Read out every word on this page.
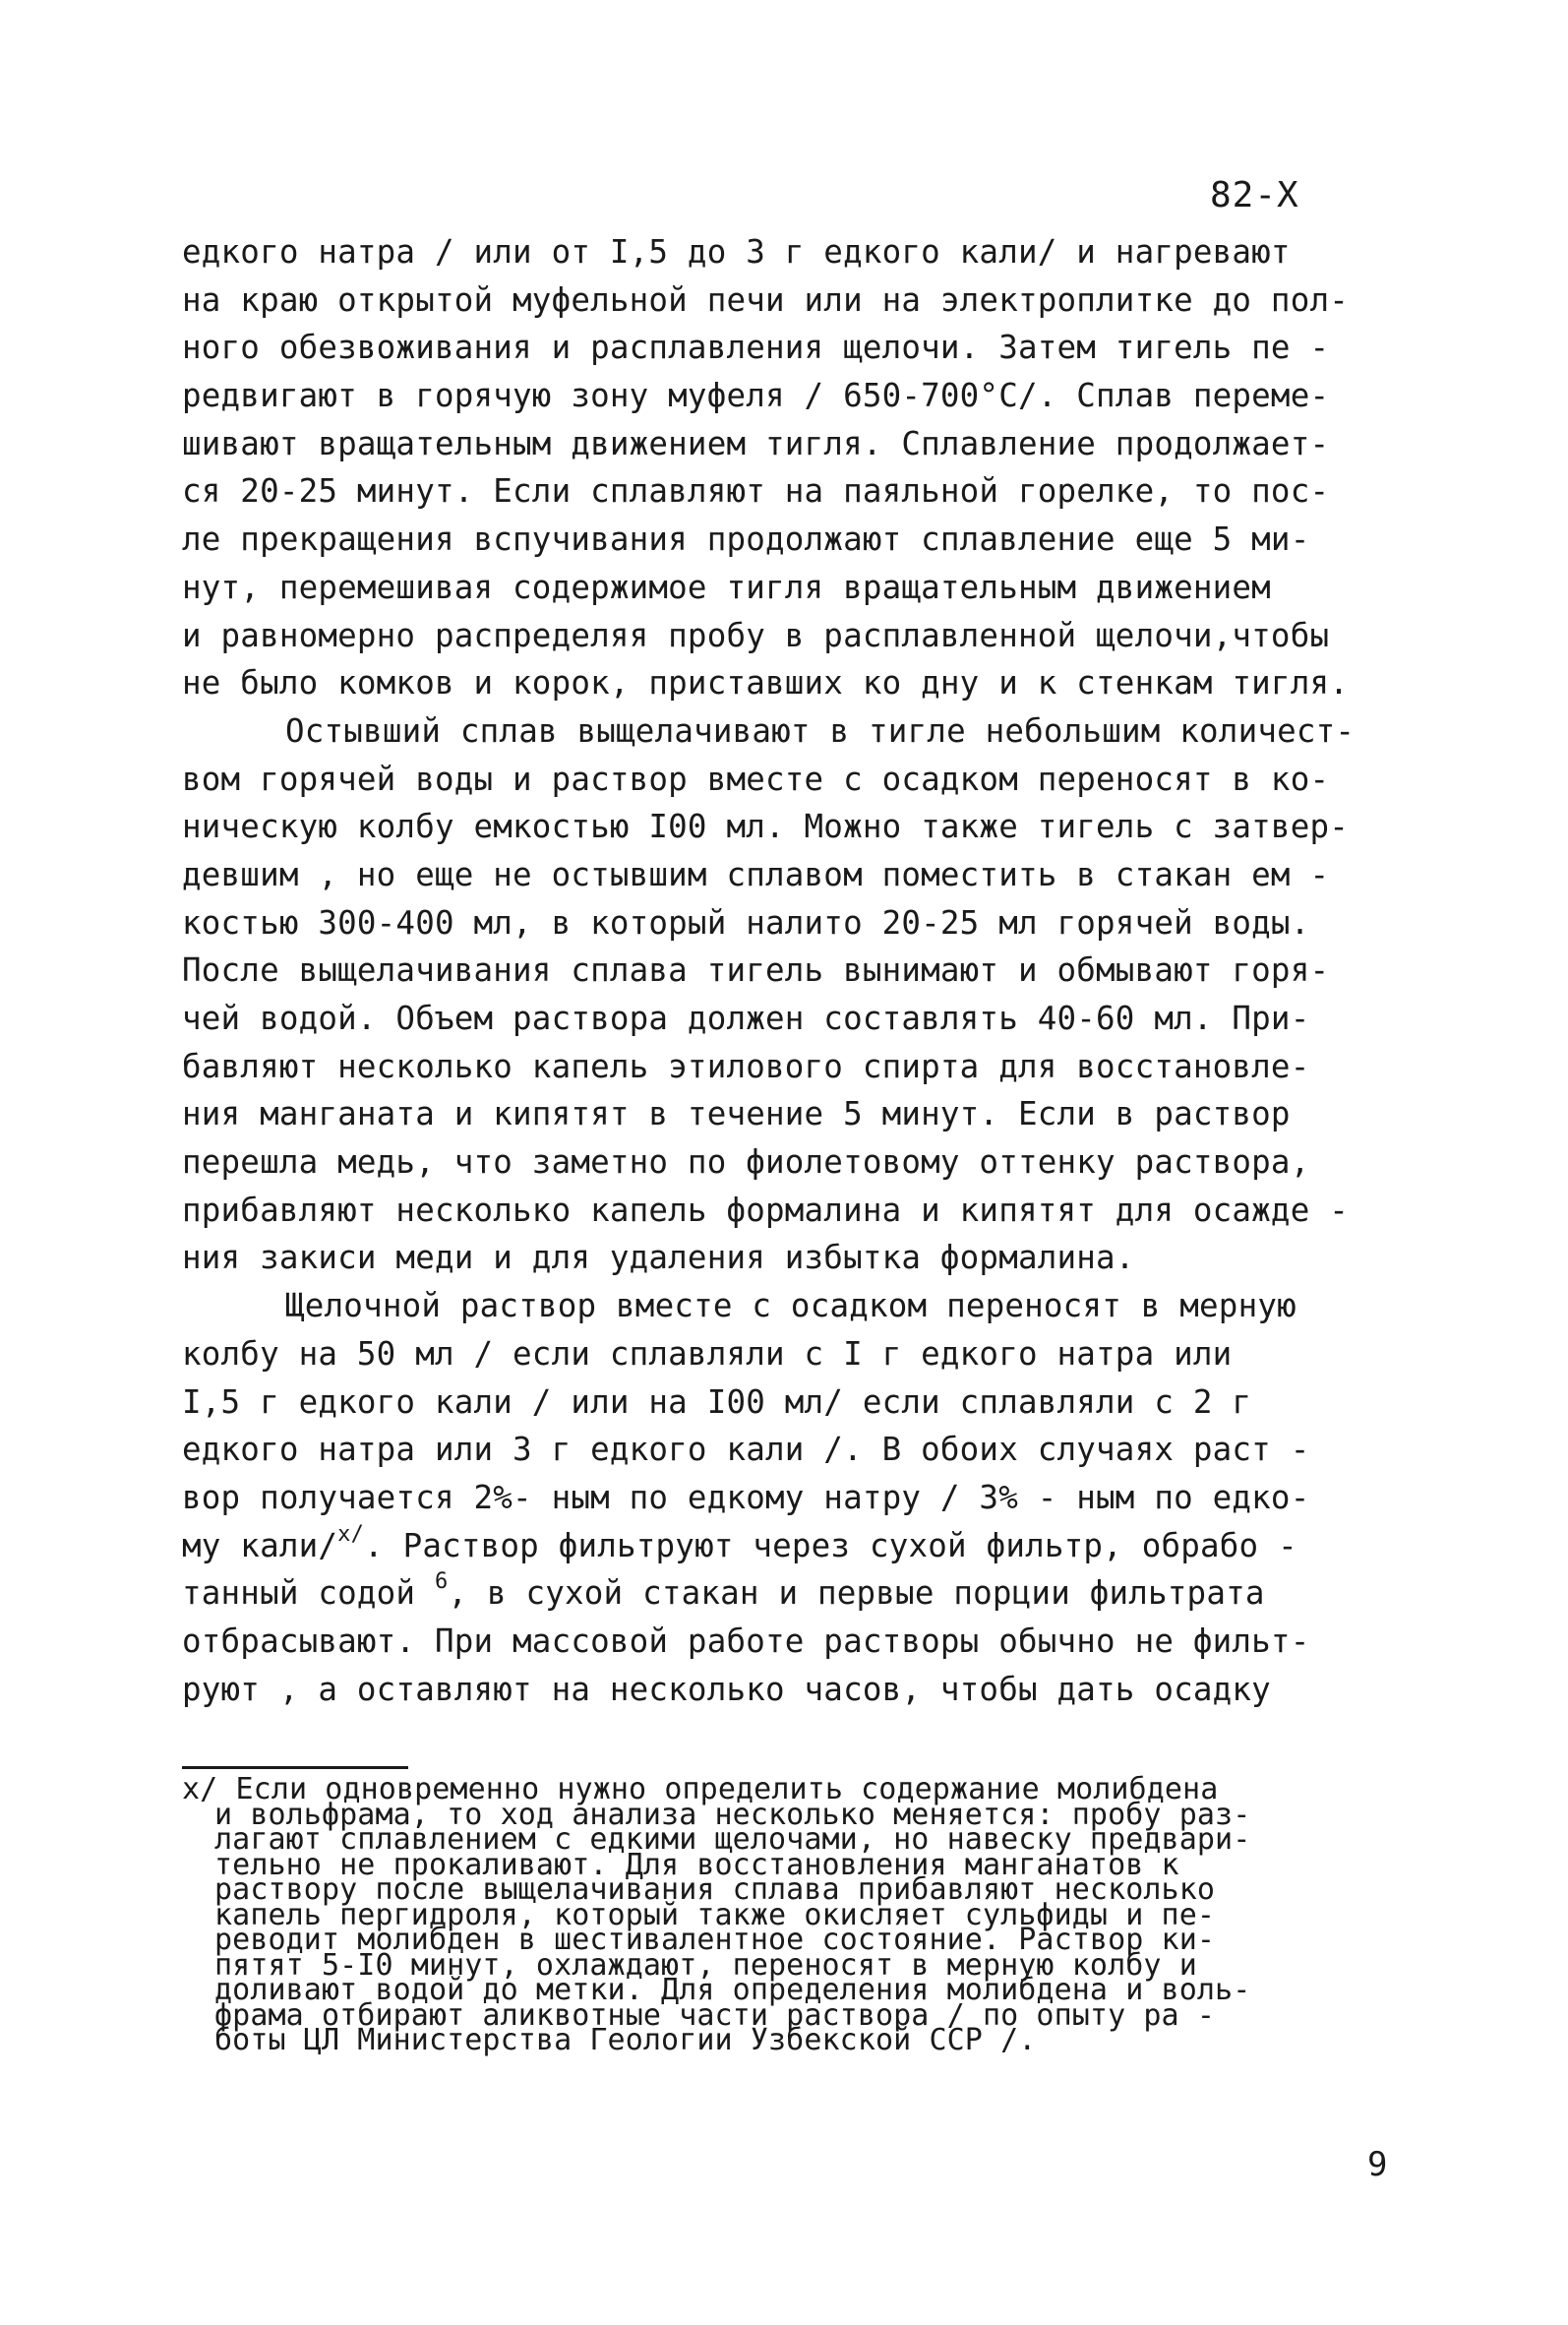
82-Х
едкого натра / или от I,5 до 3 г едкого кали/ и нагревают
на краю открытой муфельной печи или на электроплитке до пол-
ного обезвоживания и расплавления щелочи. Затем тигель пе -
редвигают в горячую зону муфеля / 650-700°С/. Сплав переме-
шивают вращательным движением тигля. Сплавление продолжает-
ся 20-25 минут. Если сплавляют на паяльной горелке, то пос-
ле прекращения вспучивания продолжают сплавление еще 5 ми-
нут, перемешивая содержимое тигля вращательным движением
и равномерно распределяя пробу в расплавленной щелочи,чтобы
не было комков и корок, приставших ко дну и к стенкам тигля.
Остывший сплав выщелачивают в тигле небольшим количест-
вом горячей воды и раствор вместе с осадком переносят в ко-
ническую колбу емкостью I00 мл. Можно также тигель с затвер-
девшим , но еще не остывшим сплавом поместить в стакан ем -
костью 300-400 мл, в который налито 20-25 мл горячей воды.
После выщелачивания сплава тигель вынимают и обмывают горя-
чей водой. Объем раствора должен составлять 40-60 мл. При-
бавляют несколько капель этилового спирта для восстановле-
ния манганата и кипятят в течение 5 минут. Если в раствор
перешла медь, что заметно по фиолетовому оттенку раствора,
прибавляют несколько капель формалина и кипятят для осажде -
ния закиси меди и для удаления избытка формалина.
Щелочной раствор вместе с осадком переносят в мерную
колбу на 50 мл / если сплавляли с I г едкого натра или
I,5 г едкого кали / или на I00 мл/ если сплавляли с 2 г
едкого натра или 3 г едкого кали /. В обоих случаях раст -
вор получается 2%- ным по едкому натру / 3% - ным по едко-
му кали/$^{x/}$. Раствор фильтруют через сухой фильтр, обрабо -
танный содой $^6$, в сухой стакан и первые порции фильтрата
отбрасывают. При массовой работе растворы обычно не фильт-
руют , а оставляют на несколько часов, чтобы дать осадку
x/ Если одновременно нужно определить содержание молибдена
и вольфрама, то ход анализа несколько меняется: пробу раз-
лагают сплавлением с едкими щелочами, но навеску предвари-
тельно не прокаливают. Для восстановления манганатов к
раствору после выщелачивания сплава прибавляют несколько
капель пергидроля, который также окисляет сульфиды и пе-
реводит молибден в шестивалентное состояние. Раствор ки-
пятят 5-I0 минут, охлаждают, переносят в мерную колбу и
доливают водой до метки. Для определения молибдена и воль-
фрама отбирают аликвотные части раствора / по опыту ра -
боты ЦЛ Министерства Геологии Узбекской ССР /.
9
